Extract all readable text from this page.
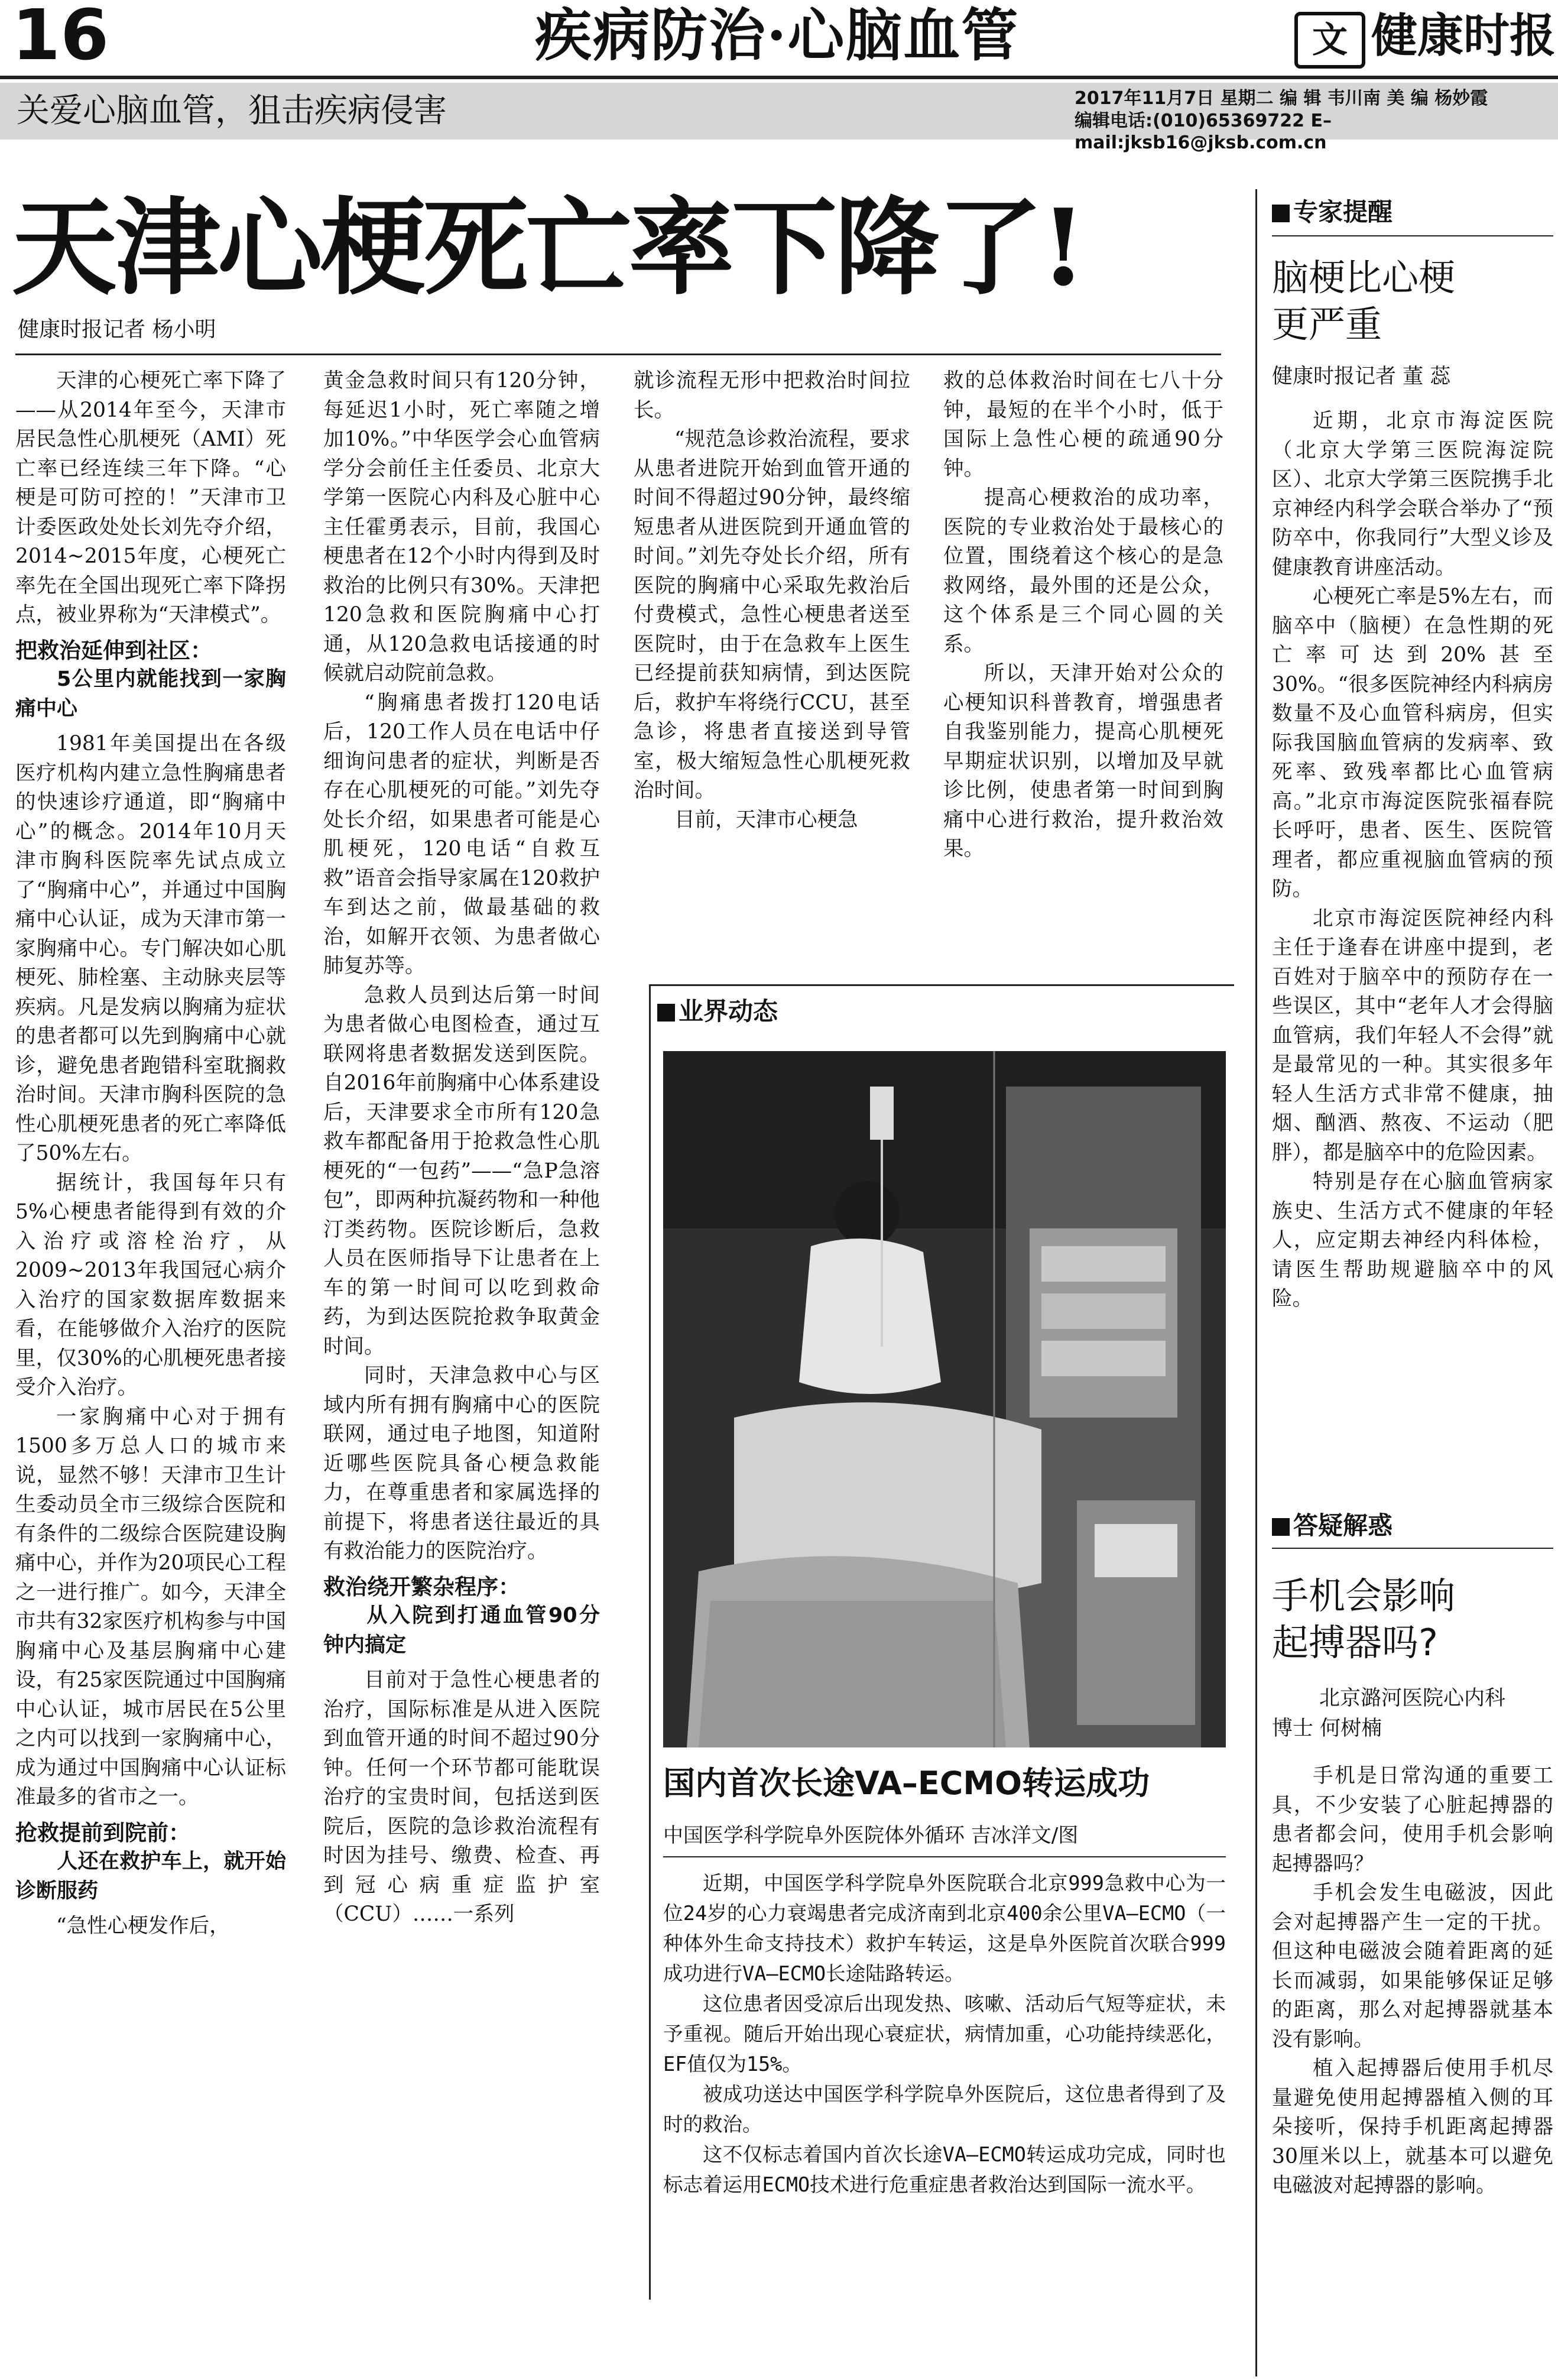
16	疾病防治·心脑血管	文 健康时报
关爱心脑血管，狙击疾病侵害	2017年11月7日 星期二 编 辑 韦川南 美 编 杨妙霞
编辑电话:(010)65369722 E–mail:jksb16@jksb.com.cn
天津心梗死亡率下降了!
健康时报记者 杨小明

天津的心梗死亡率下降了——从2014年至今，天津市居民急性心肌梗死（AMI）死亡率已经连续三年下降。“心梗是可防可控的！”天津市卫计委医政处处长刘先夺介绍，2014~2015年度，心梗死亡率先在全国出现死亡率下降拐点，被业界称为“天津模式”。

把救治延伸到社区：
5公里内就能找到一家胸痛中心

1981年美国提出在各级医疗机构内建立急性胸痛患者的快速诊疗通道，即“胸痛中心”的概念。2014年10月天津市胸科医院率先试点成立了“胸痛中心”，并通过中国胸痛中心认证，成为天津市第一家胸痛中心。专门解决如心肌梗死、肺栓塞、主动脉夹层等疾病。凡是发病以胸痛为症状的患者都可以先到胸痛中心就诊，避免患者跑错科室耽搁救治时间。天津市胸科医院的急性心肌梗死患者的死亡率降低了50%左右。

据统计，我国每年只有5%心梗患者能得到有效的介入治疗或溶栓治疗，从2009~2013年我国冠心病介入治疗的国家数据库数据来看，在能够做介入治疗的医院里，仅30%的心肌梗死患者接受介入治疗。

一家胸痛中心对于拥有1500多万总人口的城市来说，显然不够！天津市卫生计生委动员全市三级综合医院和有条件的二级综合医院建设胸痛中心，并作为20项民心工程之一进行推广。如今，天津全市共有32家医疗机构参与中国胸痛中心及基层胸痛中心建设，有25家医院通过中国胸痛中心认证，城市居民在5公里之内可以找到一家胸痛中心，成为通过中国胸痛中心认证标准最多的省市之一。

抢救提前到院前：
人还在救护车上，就开始诊断服药

“急性心梗发作后，

黄金急救时间只有120分钟，每延迟1小时，死亡率随之增加10%。”中华医学会心血管病学分会前任主任委员、北京大学第一医院心内科及心脏中心主任霍勇表示，目前，我国心梗患者在12个小时内得到及时救治的比例只有30%。天津把120急救和医院胸痛中心打通，从120急救电话接通的时候就启动院前急救。

“胸痛患者拨打120电话后，120工作人员在电话中仔细询问患者的症状，判断是否存在心肌梗死的可能。”刘先夺处长介绍，如果患者可能是心肌梗死，120电话“自救互救”语音会指导家属在120救护车到达之前，做最基础的救治，如解开衣领、为患者做心肺复苏等。

急救人员到达后第一时间为患者做心电图检查，通过互联网将患者数据发送到医院。自2016年前胸痛中心体系建设后，天津要求全市所有120急救车都配备用于抢救急性心肌梗死的“一包药”——“急P急溶包”，即两种抗凝药物和一种他汀类药物。医院诊断后，急救人员在医师指导下让患者在上车的第一时间可以吃到救命药，为到达医院抢救争取黄金时间。

同时，天津急救中心与区域内所有拥有胸痛中心的医院联网，通过电子地图，知道附近哪些医院具备心梗急救能力，在尊重患者和家属选择的前提下，将患者送往最近的具有救治能力的医院治疗。

救治绕开繁杂程序：
从入院到打通血管90分钟内搞定

目前对于急性心梗患者的治疗，国际标准是从进入医院到血管开通的时间不超过90分钟。任何一个环节都可能耽误治疗的宝贵时间，包括送到医院后，医院的急诊救治流程有时因为挂号、缴费、检查、再到冠心病重症监护室（CCU）……一系列

就诊流程无形中把救治时间拉长。

“规范急诊救治流程，要求从患者进院开始到血管开通的时间不得超过90分钟，最终缩短患者从进医院到开通血管的时间。”刘先夺处长介绍，所有医院的胸痛中心采取先救治后付费模式，急性心梗患者送至医院时，由于在急救车上医生已经提前获知病情，到达医院后，救护车将绕行CCU，甚至急诊，将患者直接送到导管室，极大缩短急性心肌梗死救治时间。

目前，天津市心梗急

救的总体救治时间在七八十分钟，最短的在半个小时，低于国际上急性心梗的疏通90分钟。

提高心梗救治的成功率，医院的专业救治处于最核心的位置，围绕着这个核心的是急救网络，最外围的还是公众，这个体系是三个同心圆的关系。

所以，天津开始对公众的心梗知识科普教育，增强患者自我鉴别能力，提高心肌梗死早期症状识别，以增加及早就诊比例，使患者第一时间到胸痛中心进行救治，提升救治效果。

业界动态
国内首次长途VA–ECMO转运成功
中国医学科学院阜外医院体外循环 吉冰洋文/图

近期，中国医学科学院阜外医院联合北京999急救中心为一位24岁的心力衰竭患者完成济南到北京400余公里VA–ECMO（一种体外生命支持技术）救护车转运，这是阜外医院首次联合999成功进行VA–ECMO长途陆路转运。

这位患者因受凉后出现发热、咳嗽、活动后气短等症状，未予重视。随后开始出现心衰症状，病情加重，心功能持续恶化，EF值仅为15%。

被成功送达中国医学科学院阜外医院后，这位患者得到了及时的救治。

这不仅标志着国内首次长途VA–ECMO转运成功完成，同时也标志着运用ECMO技术进行危重症患者救治达到国际一流水平。

专家提醒
脑梗比心梗
更严重
健康时报记者 董 蕊

近期，北京市海淀医院（北京大学第三医院海淀院区）、北京大学第三医院携手北京神经内科学会联合举办了“预防卒中，你我同行”大型义诊及健康教育讲座活动。

心梗死亡率是5%左右，而脑卒中（脑梗）在急性期的死亡率可达到20%甚至30%。“很多医院神经内科病房数量不及心血管科病房，但实际我国脑血管病的发病率、致死率、致残率都比心血管病高。”北京市海淀医院张福春院长呼吁，患者、医生、医院管理者，都应重视脑血管病的预防。

北京市海淀医院神经内科主任于逢春在讲座中提到，老百姓对于脑卒中的预防存在一些误区，其中“老年人才会得脑血管病，我们年轻人不会得”就是最常见的一种。其实很多年轻人生活方式非常不健康，抽烟、酗酒、熬夜、不运动（肥胖），都是脑卒中的危险因素。

特别是存在心脑血管病家族史、生活方式不健康的年轻人，应定期去神经内科体检，请医生帮助规避脑卒中的风险。

答疑解惑
手机会影响
起搏器吗?
北京潞河医院心内科
博士 何树楠

手机是日常沟通的重要工具，不少安装了心脏起搏器的患者都会问，使用手机会影响起搏器吗？

手机会发生电磁波，因此会对起搏器产生一定的干扰。但这种电磁波会随着距离的延长而减弱，如果能够保证足够的距离，那么对起搏器就基本没有影响。

植入起搏器后使用手机尽量避免使用起搏器植入侧的耳朵接听，保持手机距离起搏器30厘米以上，就基本可以避免电磁波对起搏器的影响。
